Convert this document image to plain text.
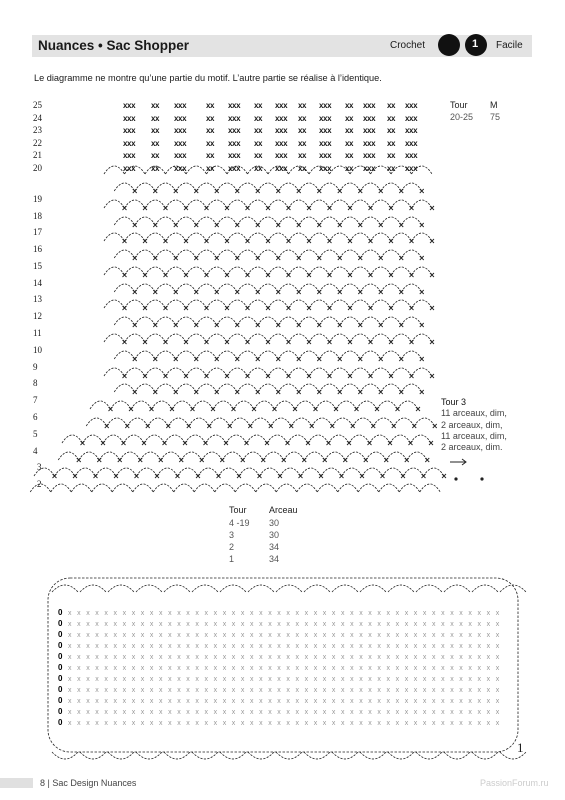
0 x x x x x x x x x x x x x x x x x x x x x x x x x x x x x x x x x x x x x x x x x x x x x x x x
0 x x x x x x x x x x x x x x x x x x x x x x x x x x x x x x x x x x x x x x x x x x x x x x x x
0 x x x x x x x x x x x x x x x x x x x x x x x x x x x x x x x x x x x x x x x x x x x x x x x x
0 x x x x x x x x x x x x x x x x x x x x x x x x x x x x x x x x x x x x x x x x x x x x x x x x
0 x x x x x x x x x x x x x x x x x x x x x x x x x x x x x x x x x x x x x x x x x x x x x x x x
0 x x x x x x x x x x x x x x x x x x x x x x x x x x x x x x x x x x x x x x x x x x x x x x x x
0 x x x x x x x x x x x x x x x x x x x x x x x x x x x x x x x x x x x x x x x x x x x x x x x x
0 x x x x x x x x x x x x x x x x x x x x x x x x x x x x x x x x x x x x x x x x x x x x x x x x
0 x x x x x x x x x x x x x x x x x x x x x x x x x x x x x x x x x x x x x x x x x x x x x x x x
0 x x x x x x x x x x x x x x x x x x x x x x x x x x x x x x x x x x x x x x x x x x x x x x x x
0 x x x x x x x x x x x x x x x x x x x x x x x x x x x x x x x x x x x x x x x x x x x x x x x x
Nuances • Sac Shopper	Crochet	1 Facile
Le diagramme ne montre qu’une partie du motif. L’autre partie se réalise à l’identique.
25	xxx xx xxx xx xxx xx xxx xx xxx xx xxx xx xxx
24	xxx xx xxx xx xxx xx xxx xx xxx xx xxx xx xxx
23	xxx xx xxx xx xxx xx xxx xx xxx xx xxx xx xxx
22	xxx xx xxx xx xxx xx xxx xx xxx xx xxx xx xxx
21	xxx xx xxx xx xxx xx xxx xx xxx xx xxx xx xxx
20	xxx xx xxx xx xxx xx xxx xx xxx xx xxx xx xxx
19
18
17
16
15
14
13
12
11
10
9
8
7
6
5
4
3
2
Tour M
20-25 75
Tour 3
11 arceaux, dim,
2 arceaux, dim,
11 arceaux, dim,
2 arceaux, dim.
Tour Arceau
4 -19 30
3	30
2	34
1	34
1
8 | Sac Design Nuances	PassionForum.ru
